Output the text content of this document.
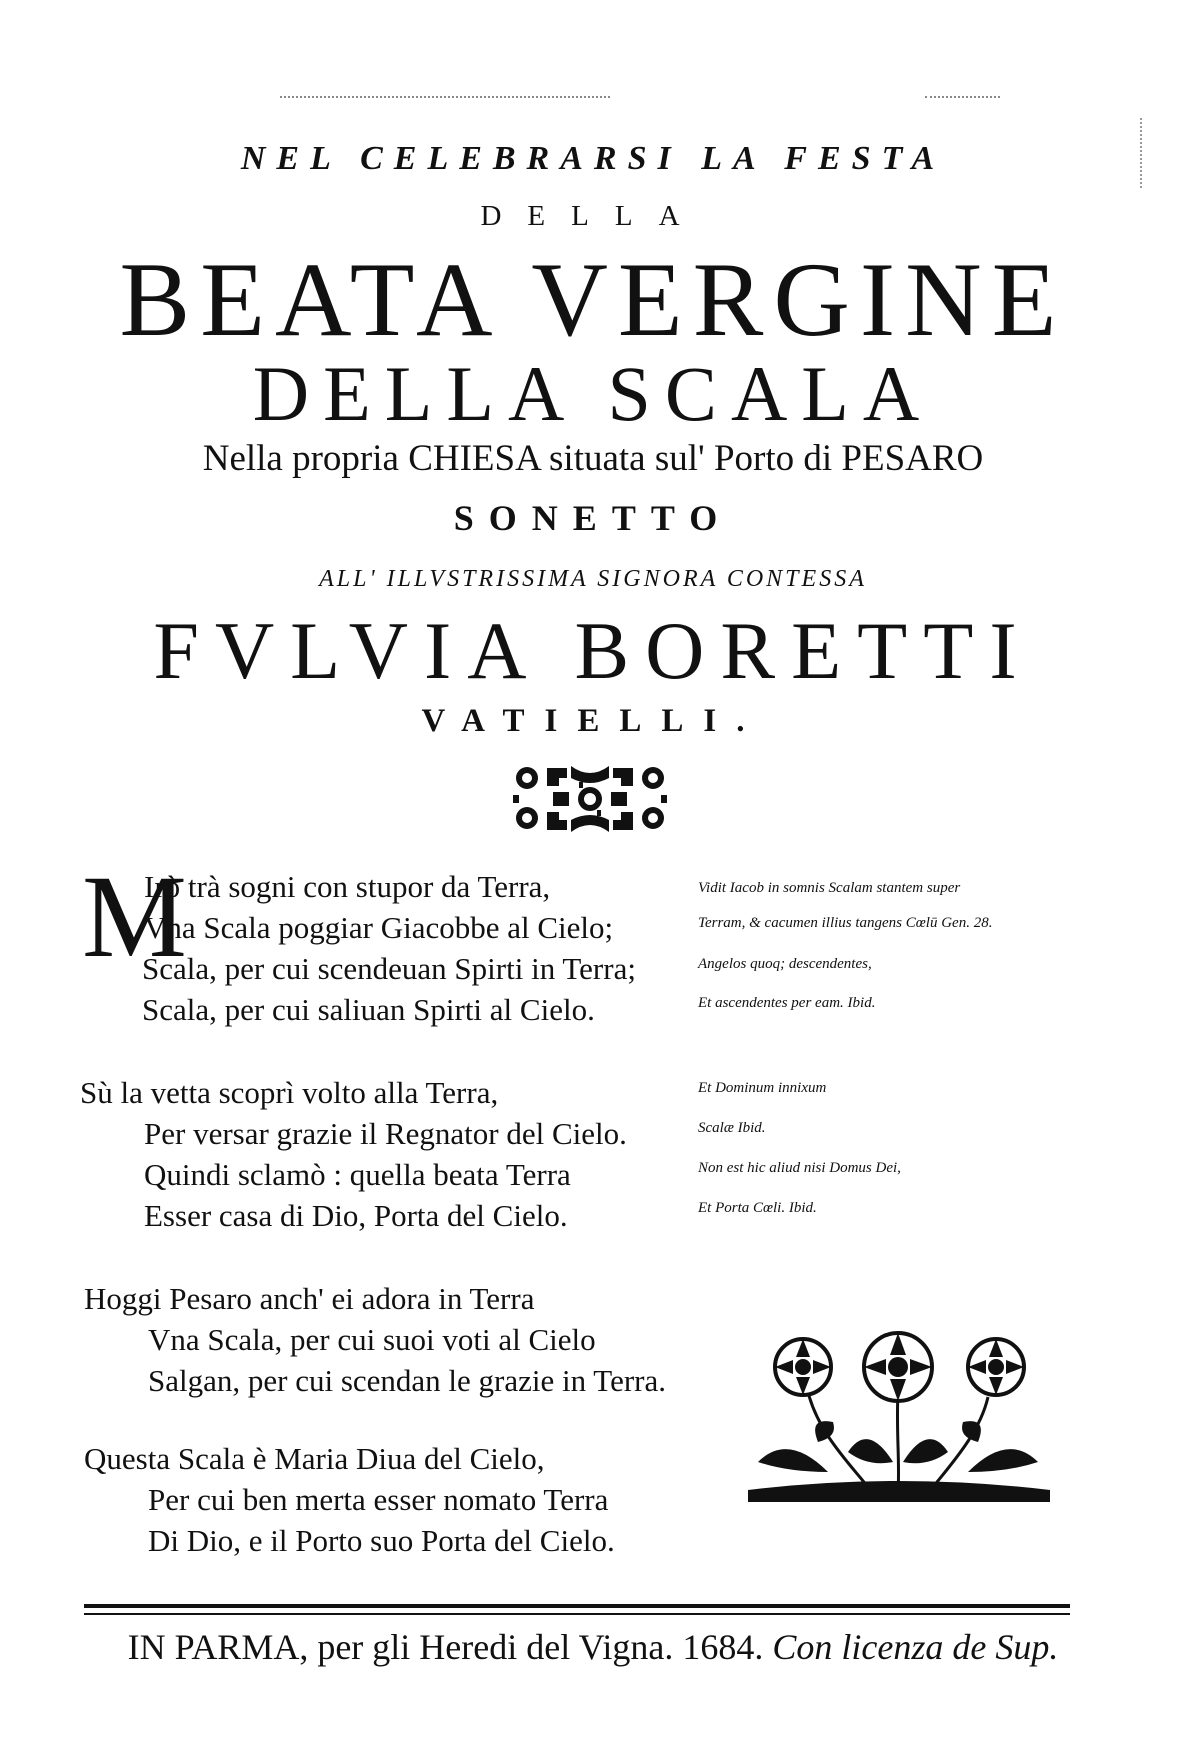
NEL CELEBRARSI LA FESTA
DELLA
BEATA VERGINE
DELLA SCALA
Nella propria CHIESA situata sul' Porto di PESARO
SONETTO
ALL' ILLVSTRISSIMA SIGNORA CONTESSA
FVLVIA BORETTI
VATIELLI.
M
Irò trà sogni con stupor da Terra,
Vna Scala poggiar Giacobbe al Cielo;
Scala, per cui scendeuan Spirti in Terra;
Scala, per cui saliuan Spirti al Cielo.
Sù la vetta scoprì volto alla Terra,
Per versar grazie il Regnator del Cielo.
Quindi sclamò : quella beata Terra
Esser casa di Dio, Porta del Cielo.
Hoggi Pesaro anch' ei adora in Terra
Vna Scala, per cui suoi voti al Cielo
Salgan, per cui scendan le grazie in Terra.
Questa Scala è Maria Diua del Cielo,
Per cui ben merta esser nomato Terra
Di Dio, e il Porto suo Porta del Cielo.
Vidit Iacob in somnis Scalam stantem super
Terram, & cacumen illius tangens Cœlū Gen. 28.
Angelos quoq; descendentes,
Et ascendentes per eam. Ibid.
Et Dominum innixum
Scalæ Ibid.
Non est hic aliud nisi Domus Dei,
Et Porta Cœli. Ibid.
IN PARMA, per gli Heredi del Vigna. 1684. Con licenza de Sup.
